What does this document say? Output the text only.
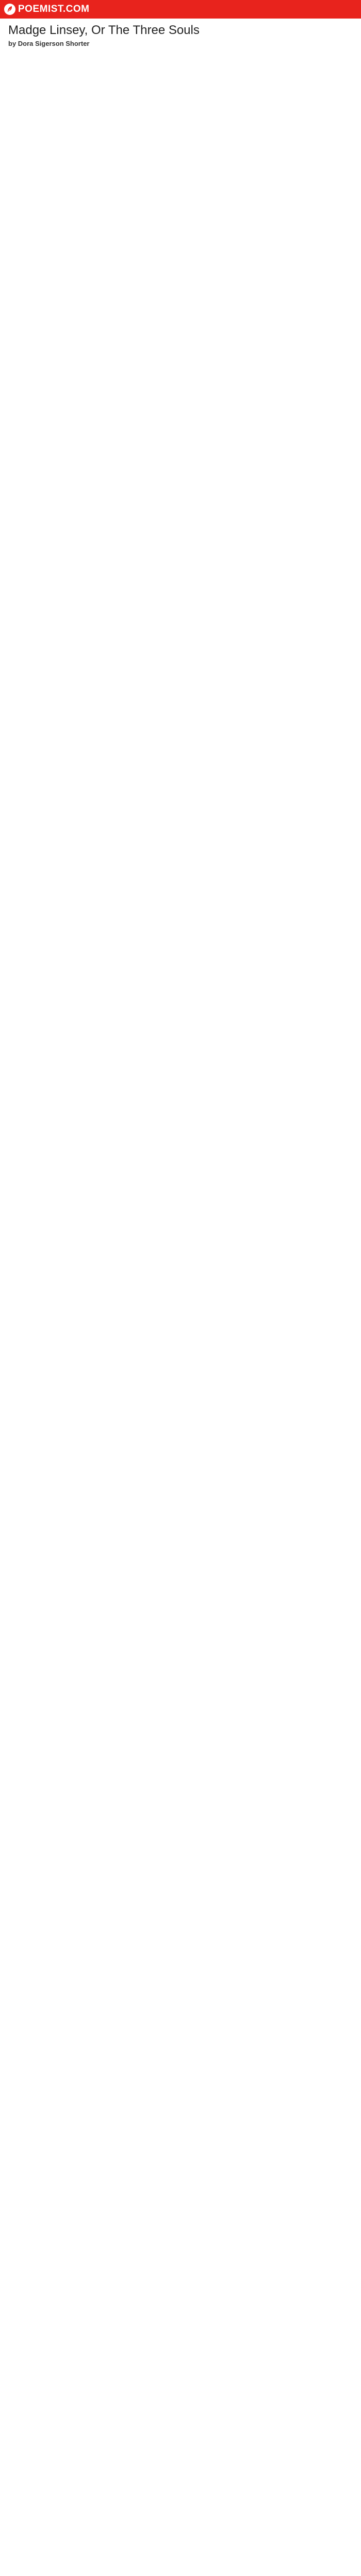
POEMIST.COM
Madge Linsey, Or The Three Souls

by Dora Sigerson Shorter
